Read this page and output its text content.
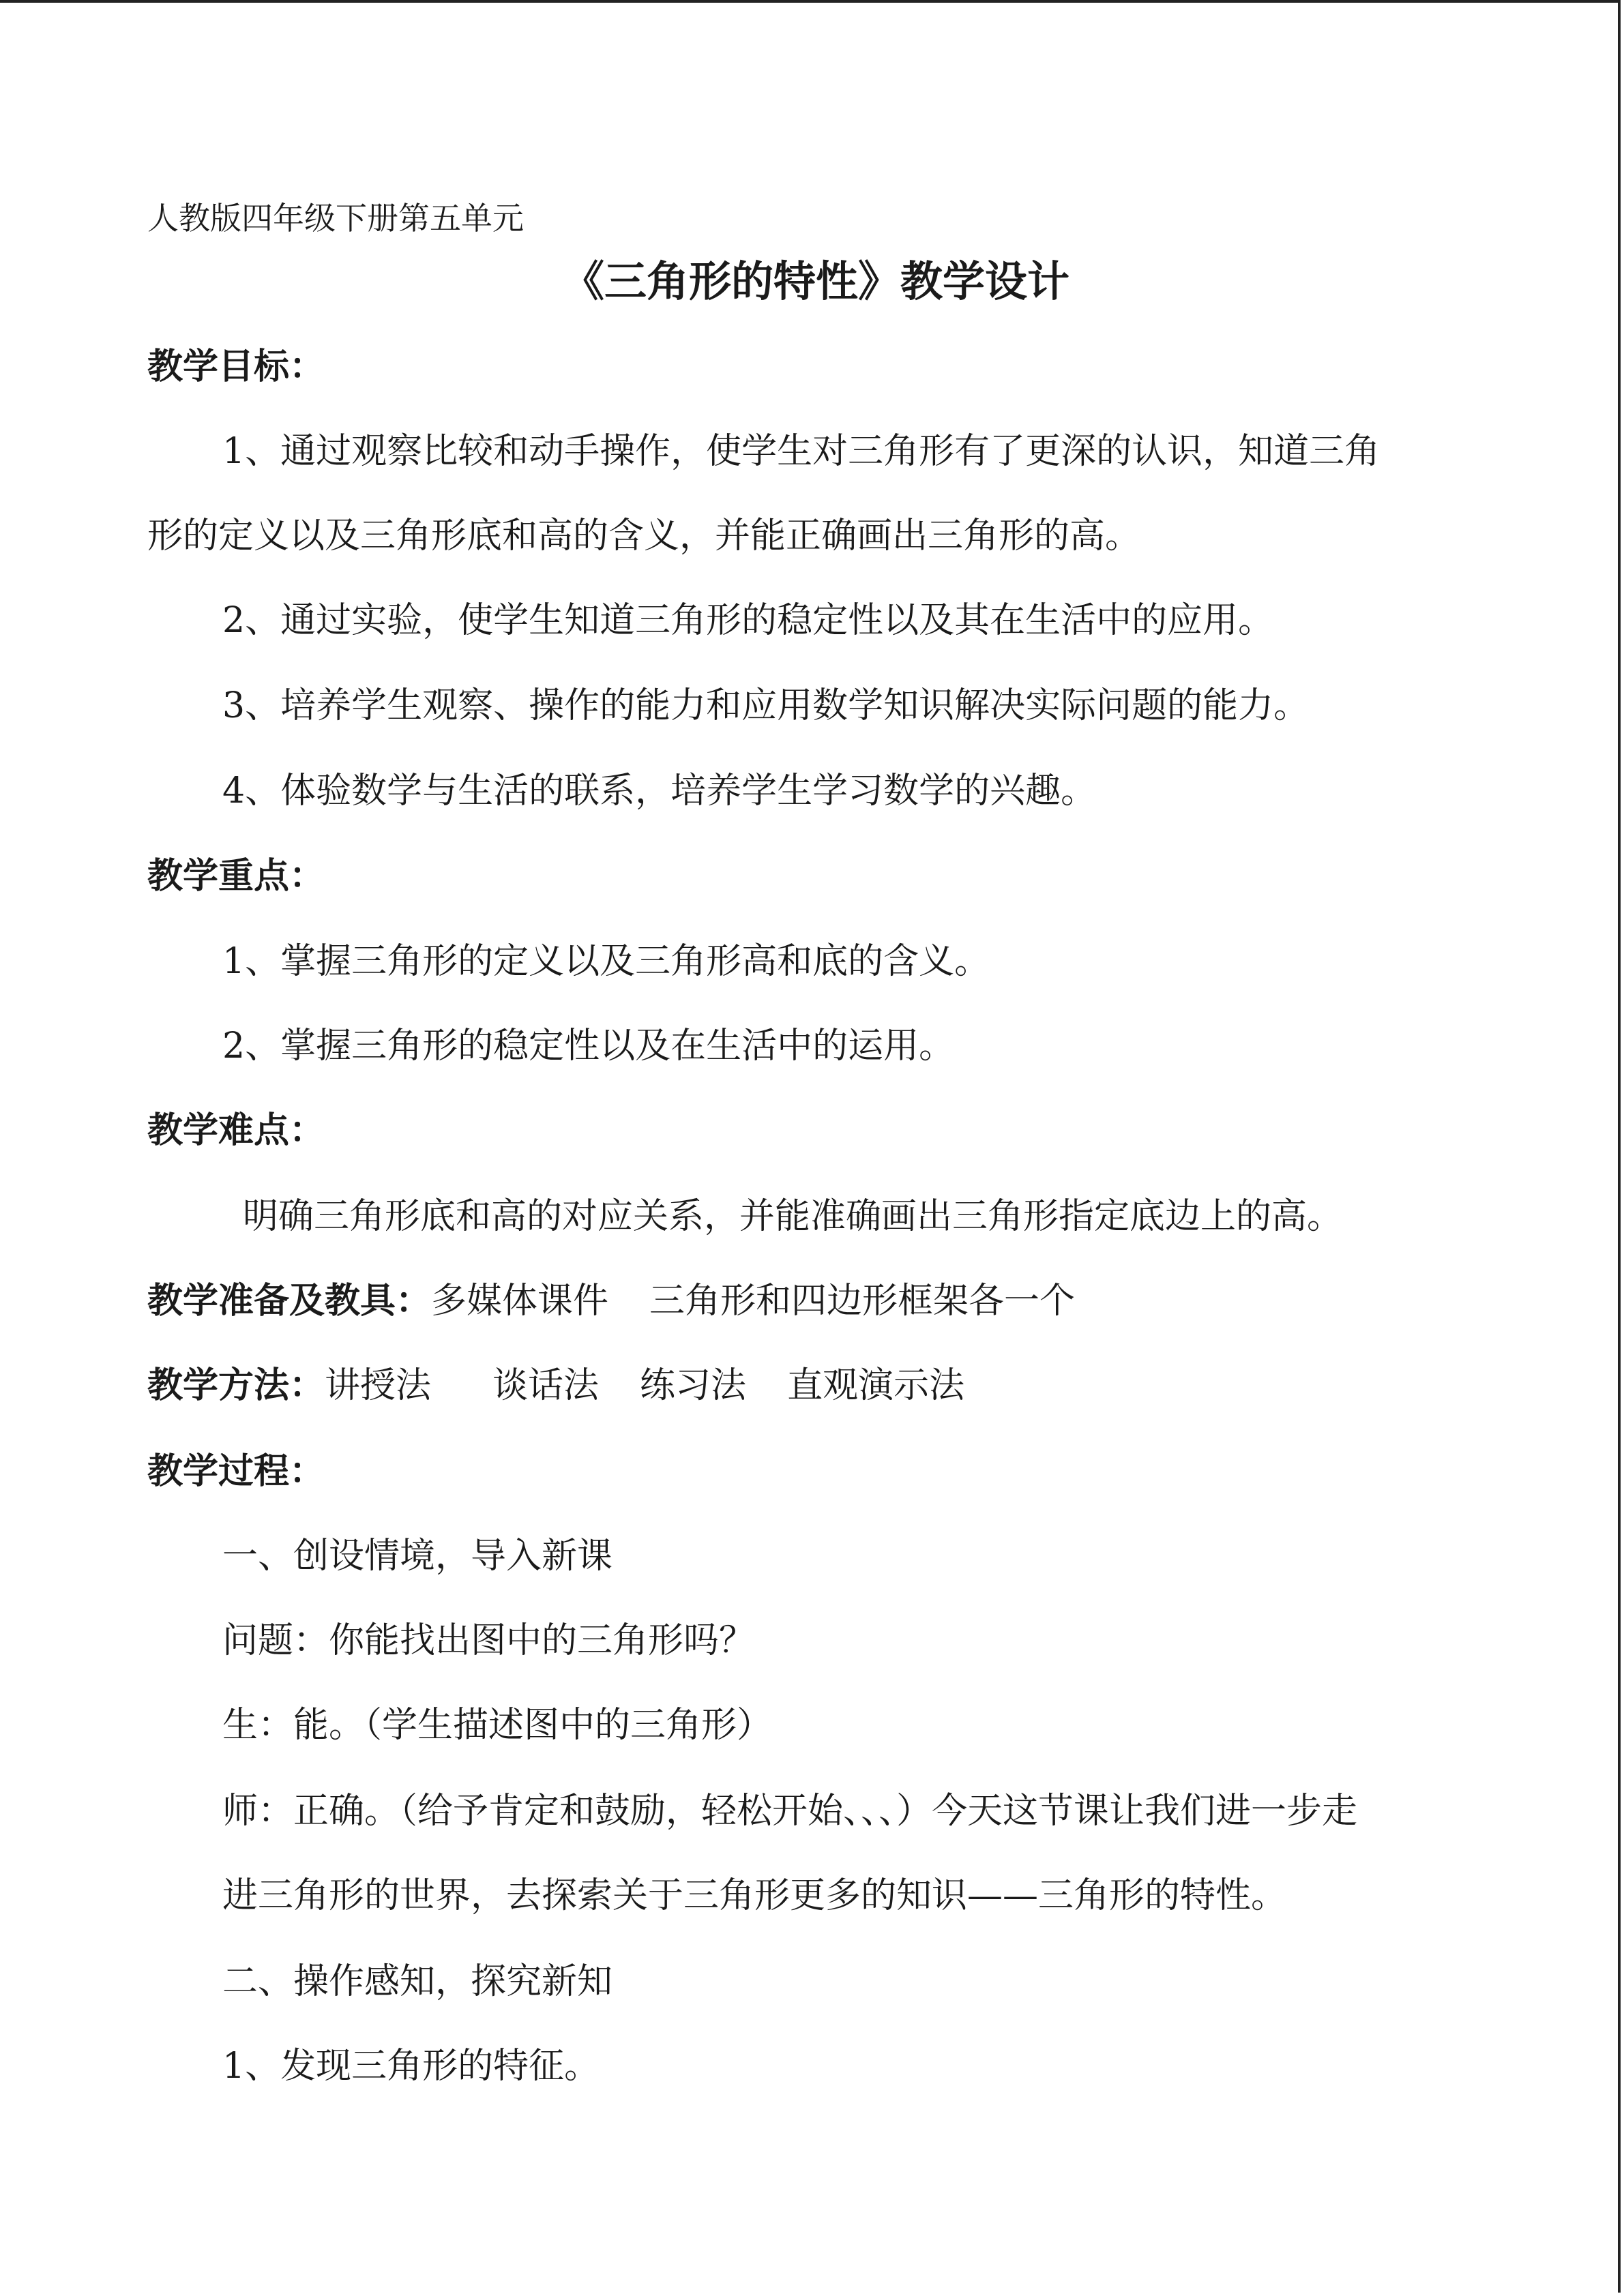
人教版四年级下册第五单元
《三角形的特性》教学设计
教学目标：
1、通过观察比较和动手操作，使学生对三角形有了更深的认识，知道三角
形的定义以及三角形底和高的含义，并能正确画出三角形的高。
2、通过实验，使学生知道三角形的稳定性以及其在生活中的应用。
3、培养学生观察、操作的能力和应用数学知识解决实际问题的能力。
4、体验数学与生活的联系，培养学生学习数学的兴趣。
教学重点：
1、掌握三角形的定义以及三角形高和底的含义。
2、掌握三角形的稳定性以及在生活中的运用。
教学难点：
明确三角形底和高的对应关系，并能准确画出三角形指定底边上的高。
教学准备及教具：多媒体课件 三角形和四边形框架各一个
教学方法：讲授法 谈话法 练习法 直观演示法
教学过程：
一、创设情境，导入新课
问题：你能找出图中的三角形吗？
生：能。（学生描述图中的三角形）
师：正确。（给予肯定和鼓励，轻松开始、、、）今天这节课让我们进一步走
进三角形的世界，去探索关于三角形更多的知识——三角形的特性。
二、操作感知，探究新知
1、发现三角形的特征。
